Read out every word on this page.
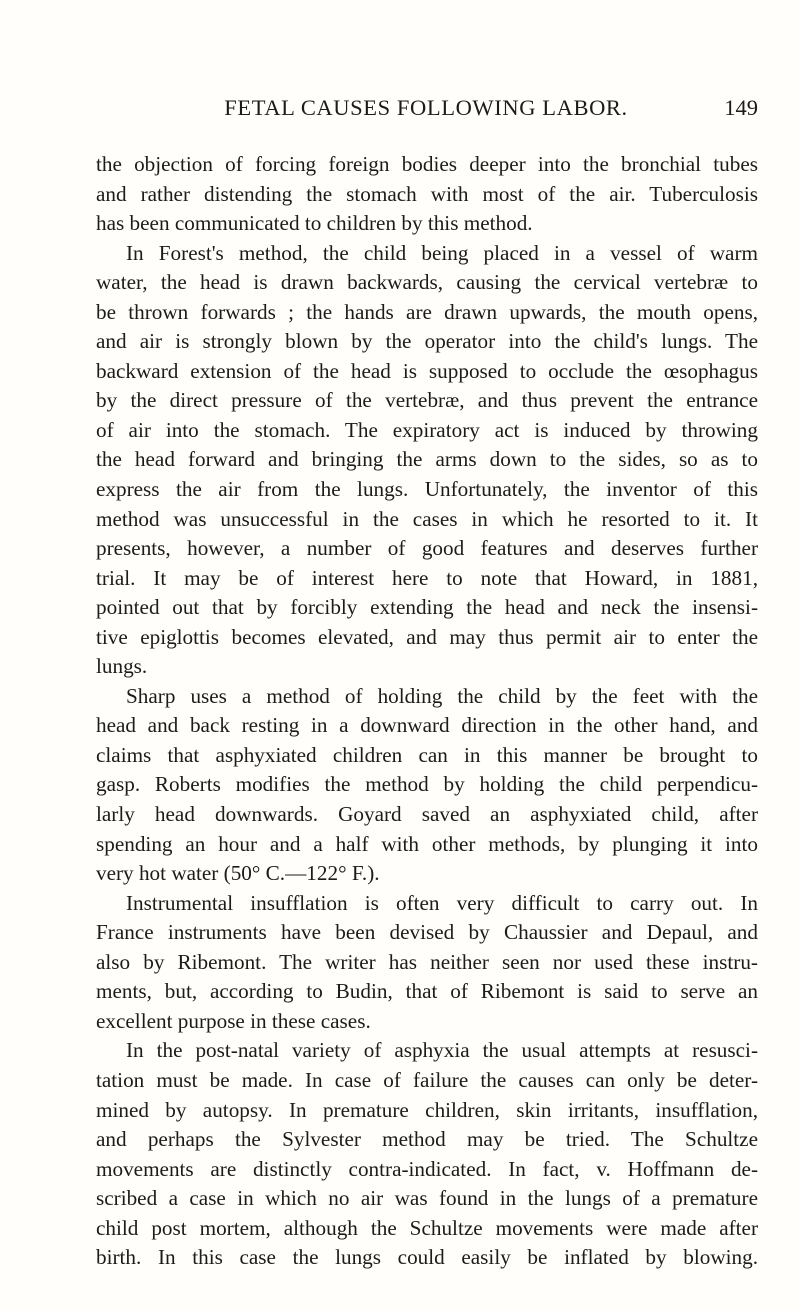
FETAL CAUSES FOLLOWING LABOR.	149
the objection of forcing foreign bodies deeper into the bronchial tubes
and rather distending the stomach with most of the air. Tuberculosis
has been communicated to children by this method.
In Forest's method, the child being placed in a vessel of warm
water, the head is drawn backwards, causing the cervical vertebræ to
be thrown forwards ; the hands are drawn upwards, the mouth opens,
and air is strongly blown by the operator into the child's lungs. The
backward extension of the head is supposed to occlude the œsophagus
by the direct pressure of the vertebræ, and thus prevent the entrance
of air into the stomach. The expiratory act is induced by throwing
the head forward and bringing the arms down to the sides, so as to
express the air from the lungs. Unfortunately, the inventor of this
method was unsuccessful in the cases in which he resorted to it. It
presents, however, a number of good features and deserves further
trial. It may be of interest here to note that Howard, in 1881,
pointed out that by forcibly extending the head and neck the insensi-
tive epiglottis becomes elevated, and may thus permit air to enter the
lungs.
Sharp uses a method of holding the child by the feet with the
head and back resting in a downward direction in the other hand, and
claims that asphyxiated children can in this manner be brought to
gasp. Roberts modifies the method by holding the child perpendicu-
larly head downwards. Goyard saved an asphyxiated child, after
spending an hour and a half with other methods, by plunging it into
very hot water (50° C.—122° F.).
Instrumental insufflation is often very difficult to carry out. In
France instruments have been devised by Chaussier and Depaul, and
also by Ribemont. The writer has neither seen nor used these instru-
ments, but, according to Budin, that of Ribemont is said to serve an
excellent purpose in these cases.
In the post-natal variety of asphyxia the usual attempts at resusci-
tation must be made. In case of failure the causes can only be deter-
mined by autopsy. In premature children, skin irritants, insufflation,
and perhaps the Sylvester method may be tried. The Schultze
movements are distinctly contra-indicated. In fact, v. Hoffmann de-
scribed a case in which no air was found in the lungs of a premature
child post mortem, although the Schultze movements were made after
birth. In this case the lungs could easily be inflated by blowing.
